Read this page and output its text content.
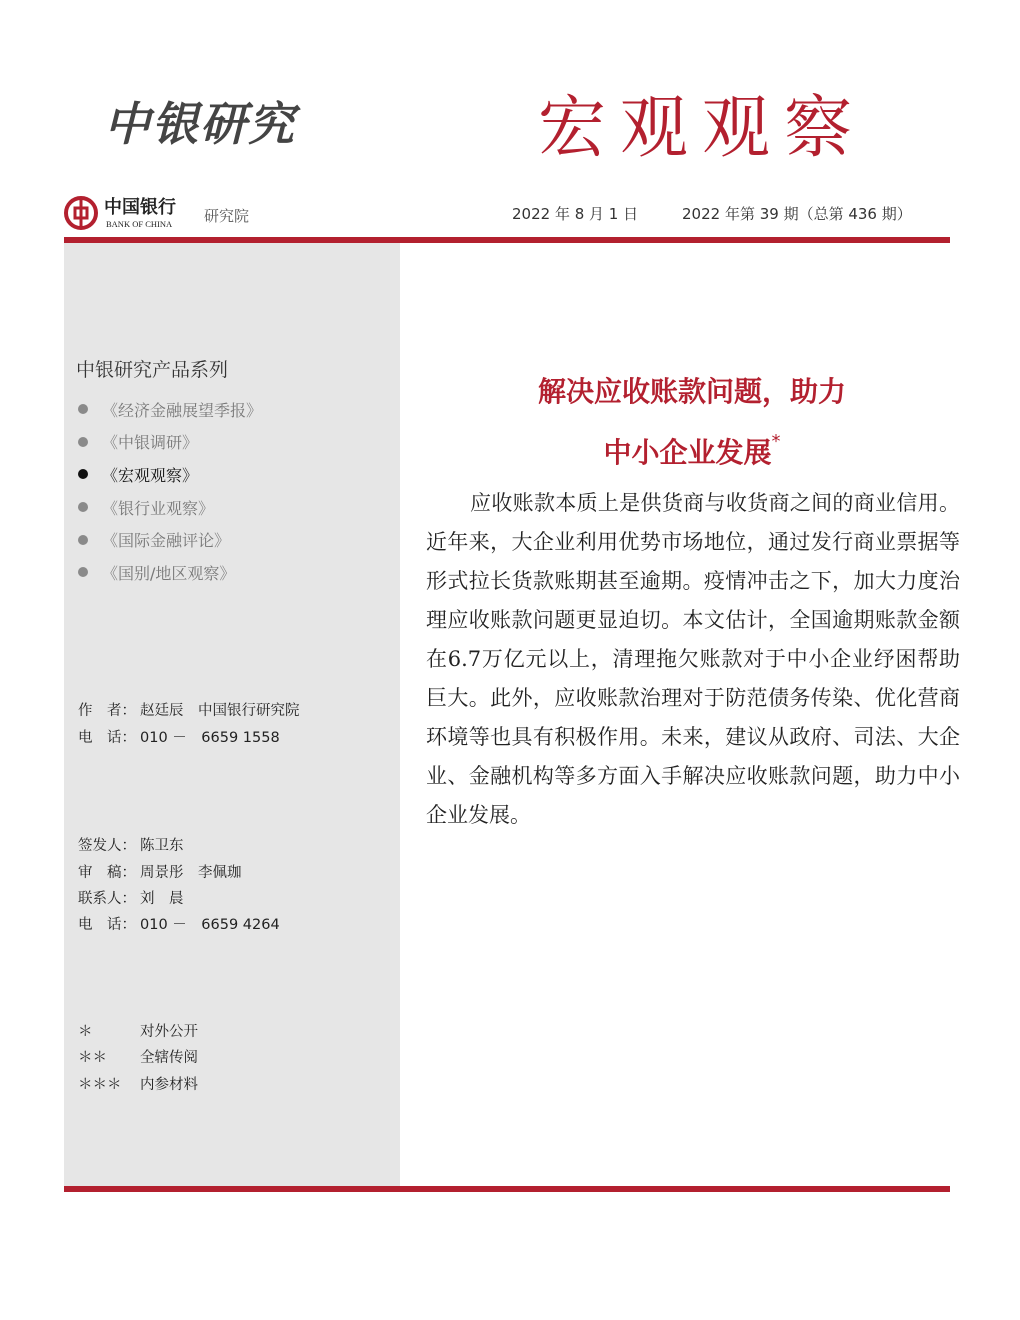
中银研究	宏观观察
中国银行
BANK OF CHINA 研究院	2022 年 8 月 1 日	2022 年第 39 期（总第 436 期）
中银研究产品系列
《经济金融展望季报》
《中银调研》
《宏观观察》
《银行业观察》
《国际金融评论》
《国别/地区观察》
作　者： 赵廷辰　中国银行研究院
电　话： 010 －　6659 1558
签发人： 陈卫东
审　稿： 周景彤　李佩珈
联系人： 刘　晨
电　话： 010 －　6659 4264
＊	对外公开
＊＊ 全辖传阅
＊＊＊ 内参材料
解决应收账款问题，助力
中小企业发展*

应收账款本质上是供货商与收货商之间的商业信用。近年来，大企业利用优势市场地位，通过发行商业票据等形式拉长货款账期甚至逾期。疫情冲击之下，加大力度治理应收账款问题更显迫切。本文估计，全国逾期账款金额在6.7万亿元以上，清理拖欠账款对于中小企业纾困帮助巨大。此外，应收账款治理对于防范债务传染、优化营商环境等也具有积极作用。未来，建议从政府、司法、大企业、金融机构等多方面入手解决应收账款问题，助力中小企业发展。
